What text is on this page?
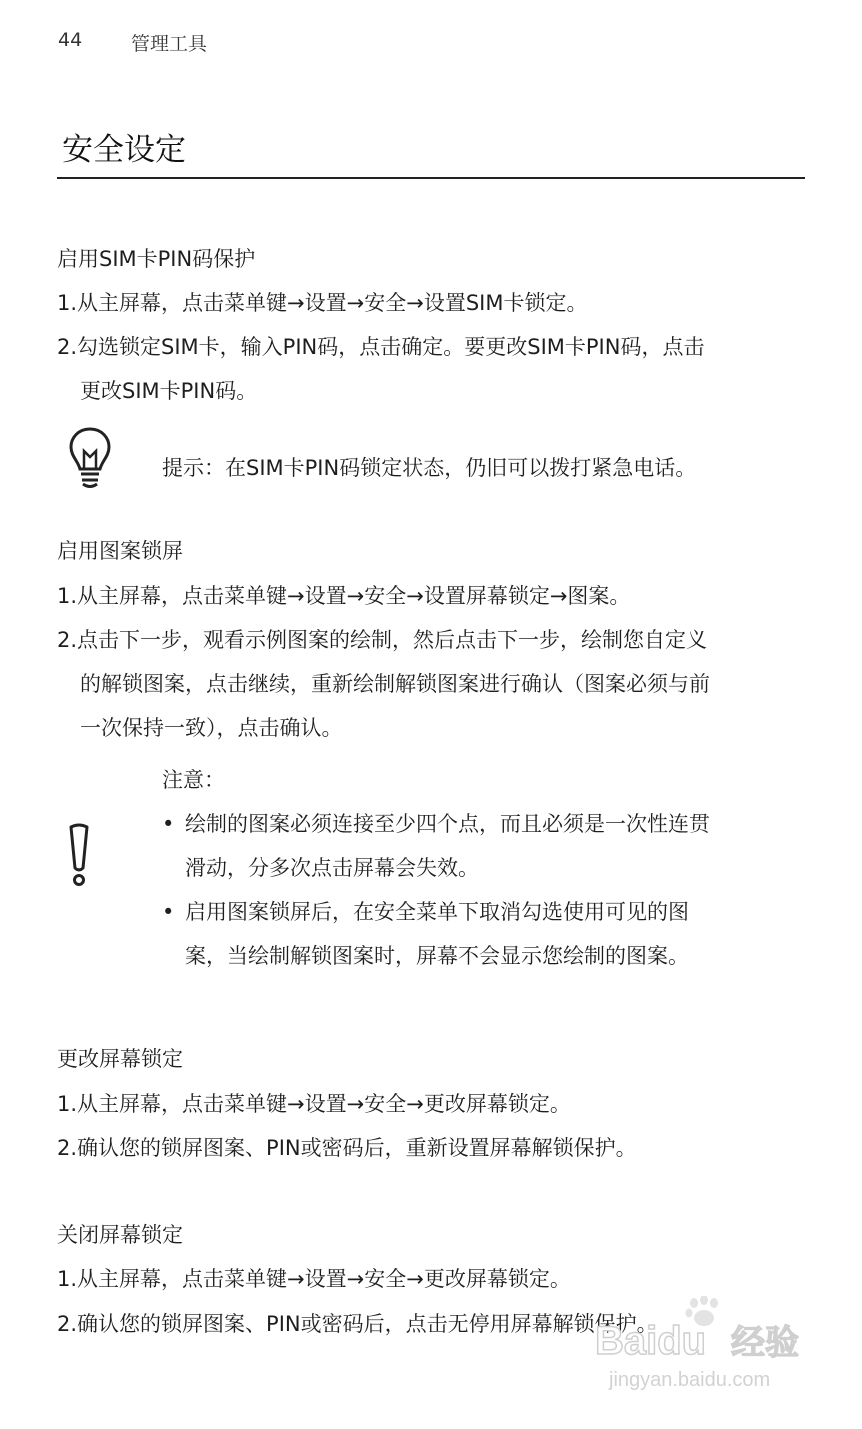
44	管理工具
安全设定
启用SIM卡PIN码保护
1.从主屏幕，点击菜单键→设置→安全→设置SIM卡锁定。
2.勾选锁定SIM卡，输入PIN码，点击确定。要更改SIM卡PIN码，点击
更改SIM卡PIN码。
提示：在SIM卡PIN码锁定状态，仍旧可以拨打紧急电话。
启用图案锁屏
1.从主屏幕，点击菜单键→设置→安全→设置屏幕锁定→图案。
2.点击下一步，观看示例图案的绘制，然后点击下一步，绘制您自定义
的解锁图案，点击继续，重新绘制解锁图案进行确认（图案必须与前
一次保持一致），点击确认。
注意：
• 绘制的图案必须连接至少四个点，而且必须是一次性连贯
滑动，分多次点击屏幕会失效。
• 启用图案锁屏后，在安全菜单下取消勾选使用可见的图
案，当绘制解锁图案时，屏幕不会显示您绘制的图案。
更改屏幕锁定
1.从主屏幕，点击菜单键→设置→安全→更改屏幕锁定。
2.确认您的锁屏图案、PIN或密码后，重新设置屏幕解锁保护。
关闭屏幕锁定
1.从主屏幕，点击菜单键→设置→安全→更改屏幕锁定。
2.确认您的锁屏图案、PIN或密码后，点击无停用屏幕解锁保护。
Baidu 经验
jingyan.baidu.com
